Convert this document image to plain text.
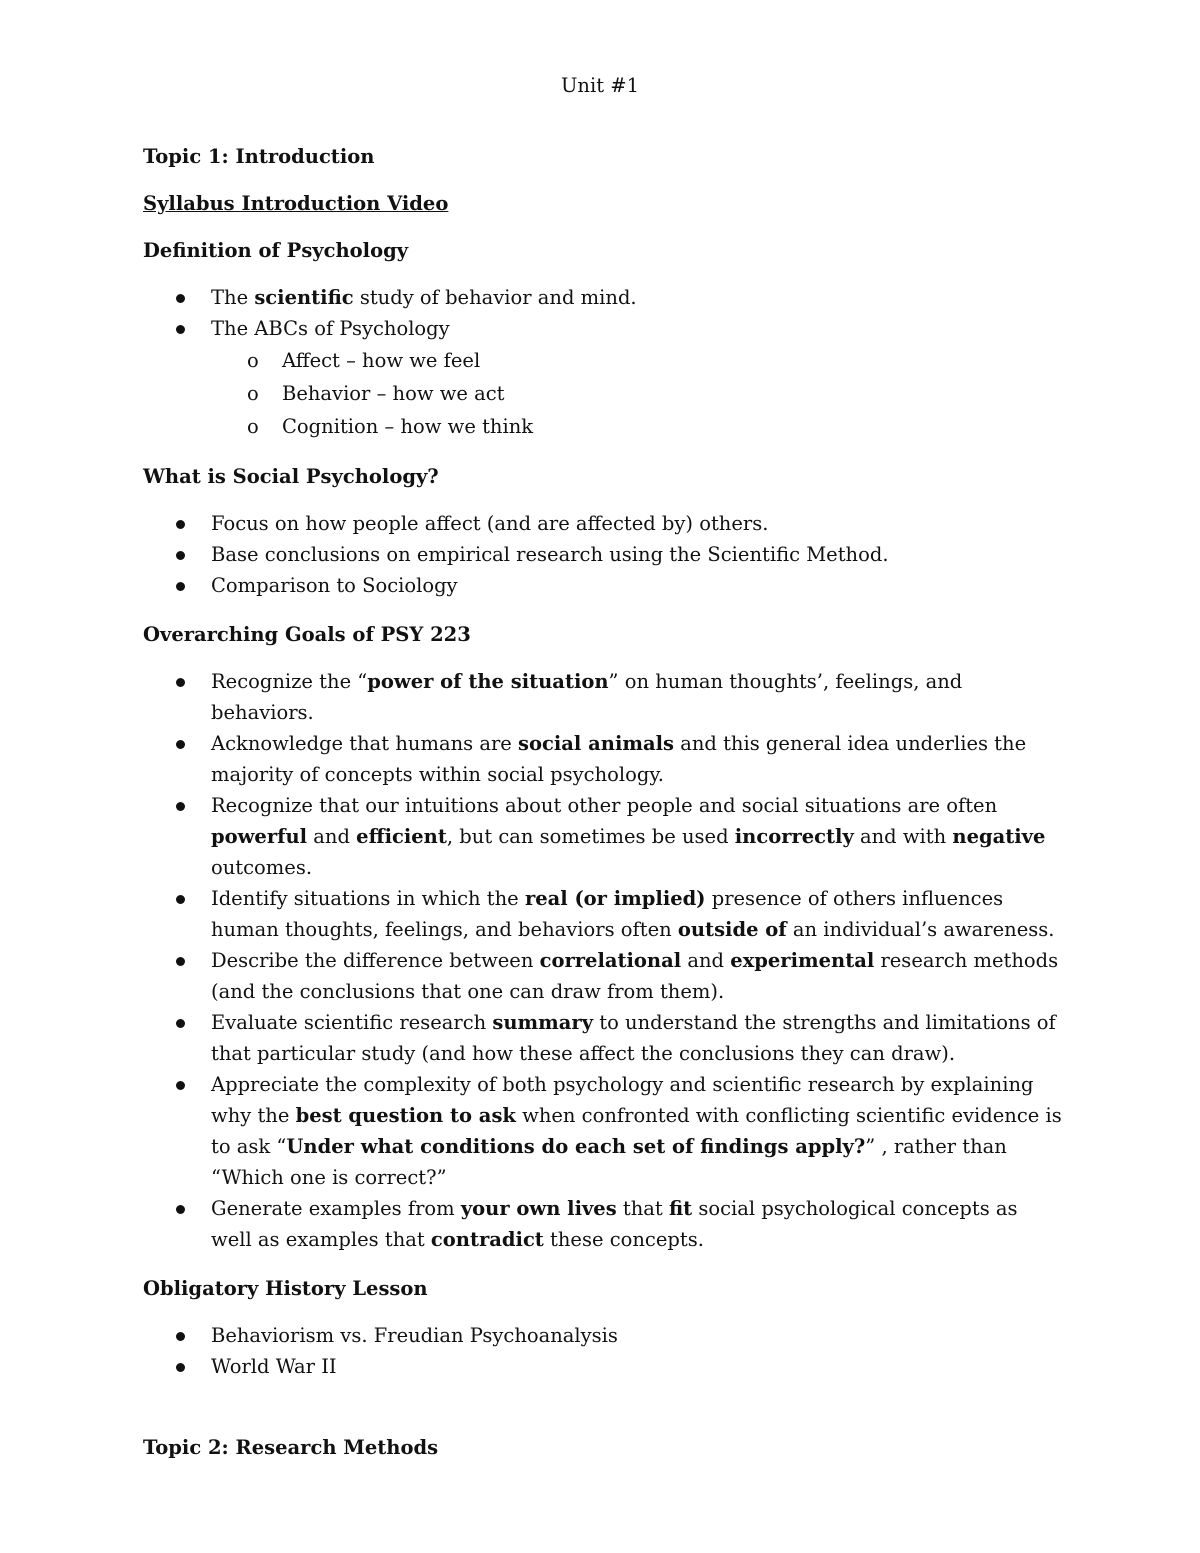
Unit #1
Topic 1: Introduction
Syllabus Introduction Video
Definition of Psychology
The scientific study of behavior and mind.
The ABCs of Psychology
o Affect – how we feel
o Behavior – how we act
o Cognition – how we think
What is Social Psychology?
Focus on how people affect (and are affected by) others.
Base conclusions on empirical research using the Scientific Method.
Comparison to Sociology
Overarching Goals of PSY 223
Recognize the “power of the situation” on human thoughts’, feelings, and behaviors.
Acknowledge that humans are social animals and this general idea underlies the majority of concepts within social psychology.
Recognize that our intuitions about other people and social situations are often powerful and efficient, but can sometimes be used incorrectly and with negative outcomes.
Identify situations in which the real (or implied) presence of others influences human thoughts, feelings, and behaviors often outside of an individual’s awareness.
Describe the difference between correlational and experimental research methods (and the conclusions that one can draw from them).
Evaluate scientific research summary to understand the strengths and limitations of that particular study (and how these affect the conclusions they can draw).
Appreciate the complexity of both psychology and scientific research by explaining why the best question to ask when confronted with conflicting scientific evidence is to ask “Under what conditions do each set of findings apply?” , rather than “Which one is correct?”
Generate examples from your own lives that fit social psychological concepts as well as examples that contradict these concepts.
Obligatory History Lesson
Behaviorism vs. Freudian Psychoanalysis
World War II
Topic 2: Research Methods
